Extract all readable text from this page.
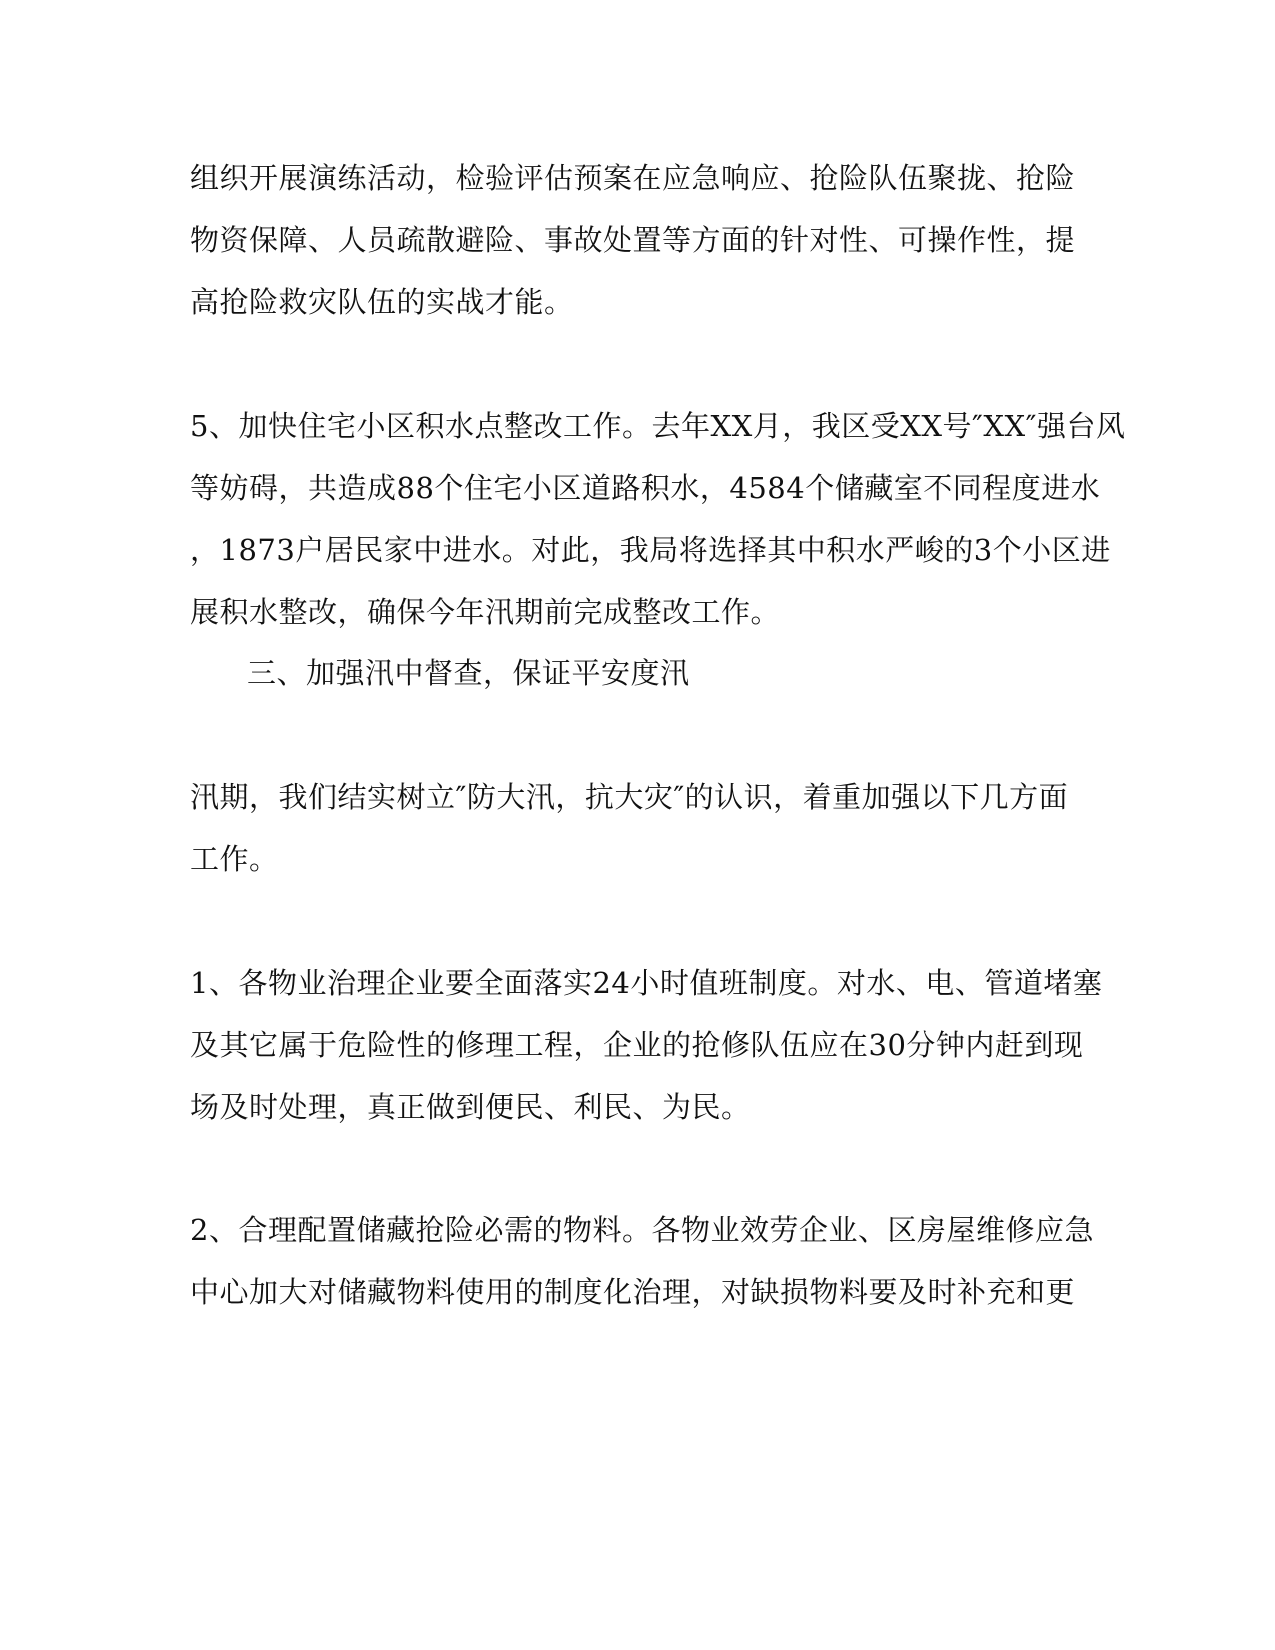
组织开展演练活动，检验评估预案在应急响应、抢险队伍聚拢、抢险
物资保障、人员疏散避险、事故处置等方面的针对性、可操作性，提
高抢险救灾队伍的实战才能。
5、加快住宅小区积水点整改工作。去年XX月，我区受XX号″XX″强台风
等妨碍，共造成88个住宅小区道路积水，4584个储藏室不同程度进水
，1873户居民家中进水。对此，我局将选择其中积水严峻的3个小区进
展积水整改，确保今年汛期前完成整改工作。
三、加强汛中督查，保证平安度汛
汛期，我们结实树立″防大汛，抗大灾″的认识，着重加强以下几方面
工作。
1、各物业治理企业要全面落实24小时值班制度。对水、电、管道堵塞
及其它属于危险性的修理工程，企业的抢修队伍应在30分钟内赶到现
场及时处理，真正做到便民、利民、为民。
2、合理配置储藏抢险必需的物料。各物业效劳企业、区房屋维修应急
中心加大对储藏物料使用的制度化治理，对缺损物料要及时补充和更
